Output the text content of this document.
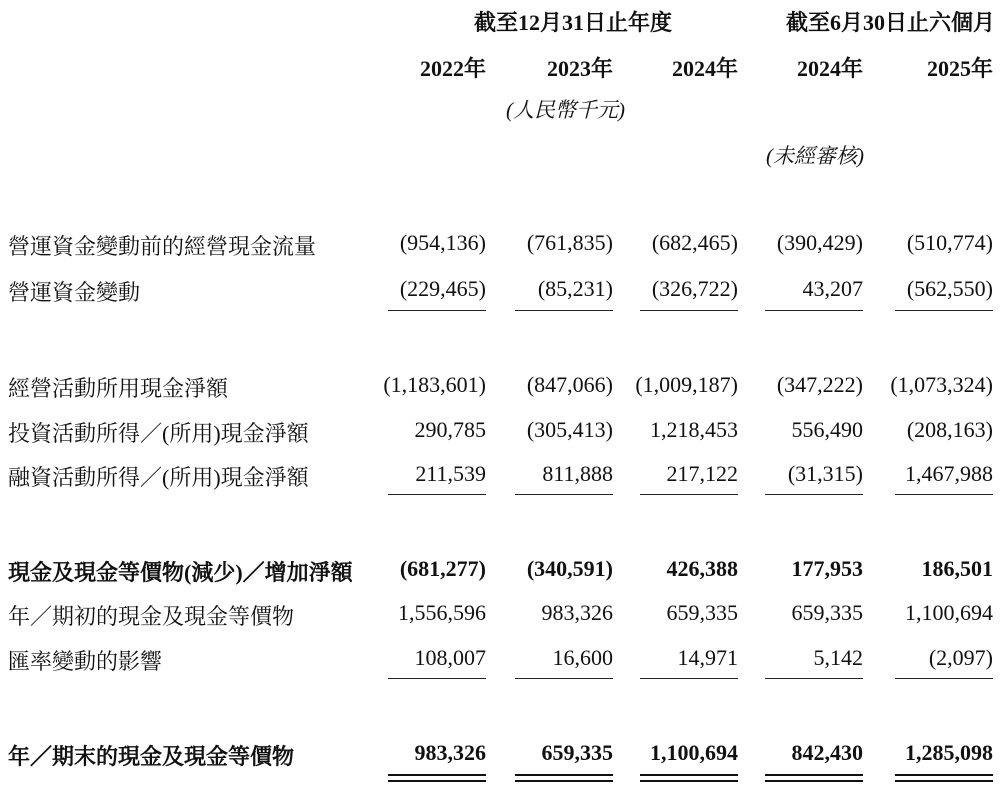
截至12月31日止年度	截至6月30日止六個月
2022年	2023年	2024年	2024年	2025年
(人民幣千元)
(未經審核)
營運資金變動前的經營現金流量	(954,136) (761,835) (682,465) (390,429) (510,774)
營運資金變動	(229,465) (85,231) (326,722)	43,207 (562,550)
經營活動所用現金淨額	(1,183,601) (847,066) (1,009,187) (347,222) (1,073,324)
投資活動所得／(所用)現金淨額	290,785 (305,413) 1,218,453 556,490 (208,163)
融資活動所得／(所用)現金淨額	211,539	811,888 217,122 (31,315) 1,467,988
現金及現金等價物(減少)／增加淨額 (681,277) (340,591) 426,388 177,953	186,501
年／期初的現金及現金等價物	1,556,596	983,326 659,335 659,335 1,100,694
匯率變動的影響	108,007	16,600	14,971	5,142	(2,097)
年／期末的現金及現金等價物	983,326	659,335 1,100,694 842,430 1,285,098
